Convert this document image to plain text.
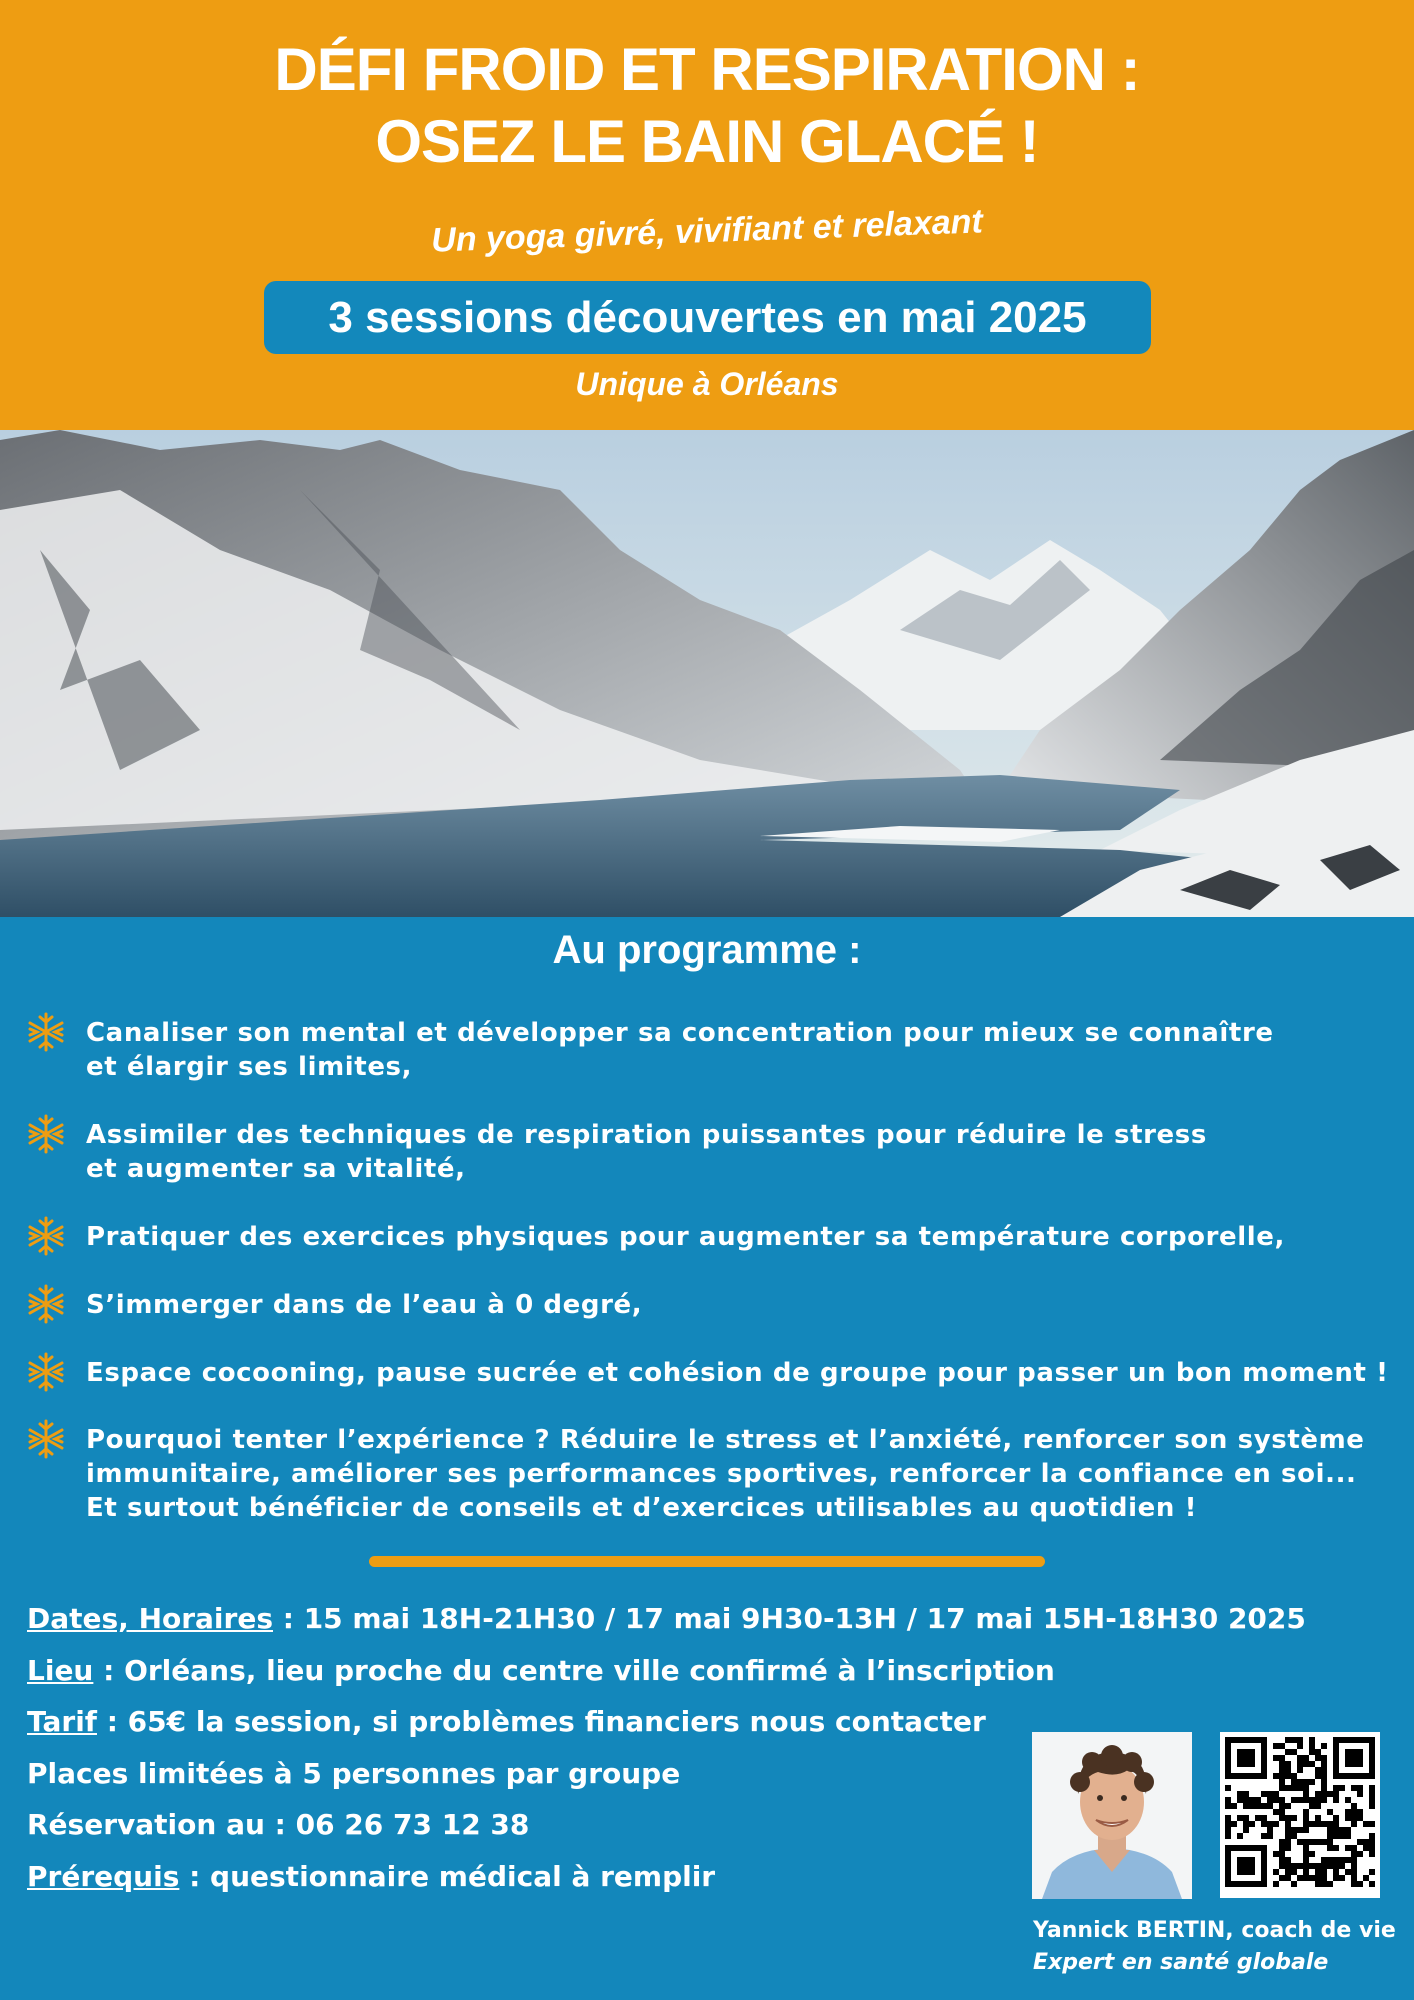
DÉFI FROID ET RESPIRATION :
OSEZ LE BAIN GLACÉ !
Un yoga givré, vivifiant et relaxant
3 sessions découvertes en mai 2025
Unique à Orléans
Au programme :
Canaliser son mental et développer sa concentration pour mieux se connaître
et élargir ses limites,
Assimiler des techniques de respiration puissantes pour réduire le stress
et augmenter sa vitalité,
Pratiquer des exercices physiques pour augmenter sa température corporelle,
S’immerger dans de l’eau à 0 degré,
Espace cocooning, pause sucrée et cohésion de groupe pour passer un bon moment !
Pourquoi tenter l’expérience ? Réduire le stress et l’anxiété, renforcer son système
immunitaire, améliorer ses performances sportives, renforcer la confiance en soi...
Et surtout bénéficier de conseils et d’exercices utilisables au quotidien !
Dates, Horaires : 15 mai 18H-21H30 / 17 mai 9H30-13H / 17 mai 15H-18H30 2025
Lieu : Orléans, lieu proche du centre ville confirmé à l’inscription
Tarif : 65€ la session, si problèmes financiers nous contacter
Places limitées à 5 personnes par groupe
Réservation au : 06 26 73 12 38
Prérequis : questionnaire médical à remplir
Yannick BERTIN, coach de vie
Expert en santé globale
